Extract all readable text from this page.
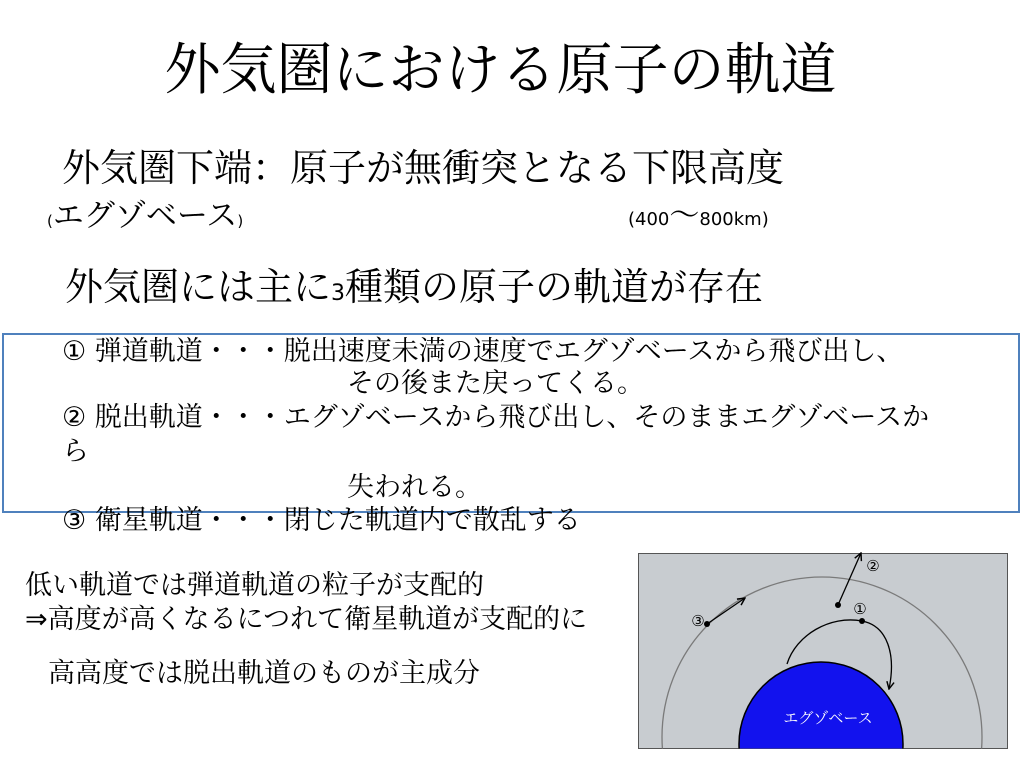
外気圏における原子の軌道
外気圏下端：原子が無衝突となる下限高度
( エグゾベース )	(400 〜 800km)
外気圏には主に 3 種類の原子の軌道が存在
① 弾道軌道・・・脱出速度未満の速度でエグゾベースから飛び出し、
その後また戻ってくる。
② 脱出軌道・・・エグゾベースから飛び出し、そのままエグゾベースか
ら
失われる。
③ 衛星軌道・・・閉じた軌道内で散乱する
低い軌道では弾道軌道の粒子が支配的
⇒高度が高くなるにつれて衛星軌道が支配的に
高高度では脱出軌道のものが主成分
エグゾベース
②
①
③
